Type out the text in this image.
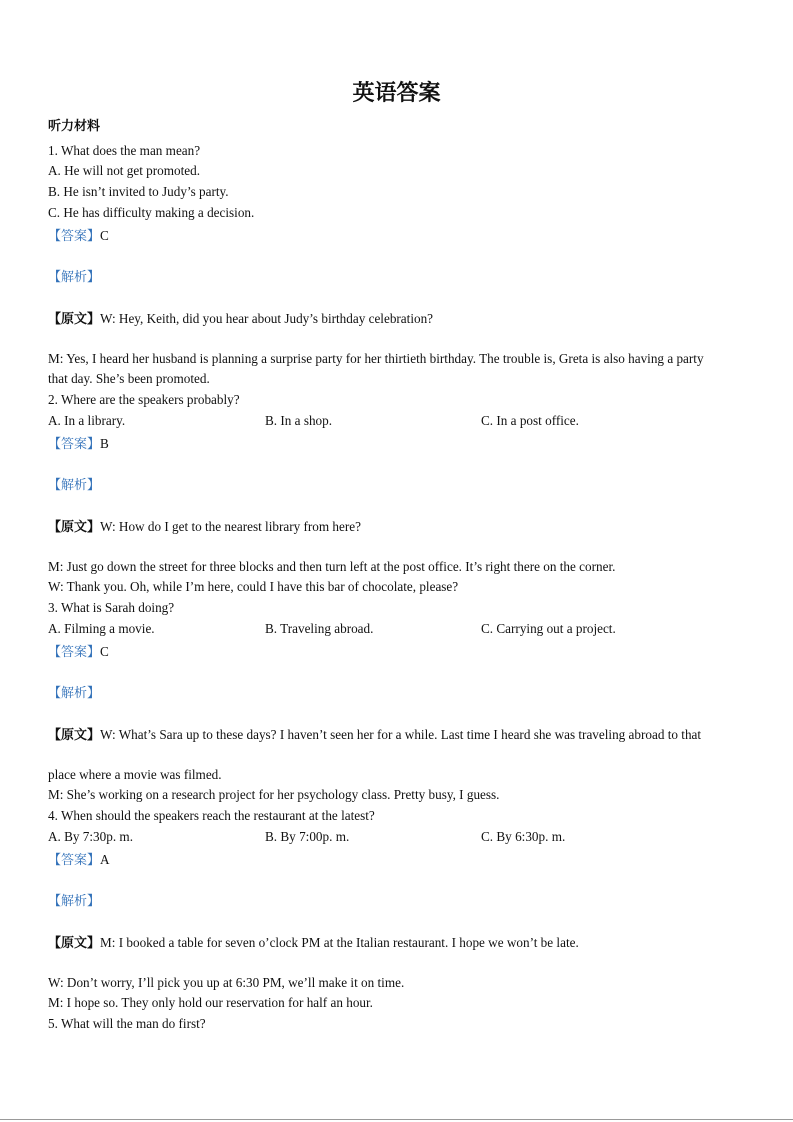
英语答案
听力材料
1. What does the man mean?
A. He will not get promoted.
B. He isn’t invited to Judy’s party.
C. He has difficulty making a decision.
【答案】C
【解析】
【原文】W: Hey, Keith, did you hear about Judy’s birthday celebration?
M: Yes, I heard her husband is planning a surprise party for her thirtieth birthday. The trouble is, Greta is also having a party
that day. She’s been promoted.
2. Where are the speakers probably?
A. In a library.	B. In a shop.	C. In a post office.
【答案】B
【解析】
【原文】W: How do I get to the nearest library from here?
M: Just go down the street for three blocks and then turn left at the post office. It’s right there on the corner.
W: Thank you. Oh, while I’m here, could I have this bar of chocolate, please?
3. What is Sarah doing?
A. Filming a movie.	B. Traveling abroad.	C. Carrying out a project.
【答案】C
【解析】
【原文】W: What’s Sara up to these days? I haven’t seen her for a while. Last time I heard she was traveling abroad to that
place where a movie was filmed.
M: She’s working on a research project for her psychology class. Pretty busy, I guess.
4. When should the speakers reach the restaurant at the latest?
A. By 7:30p. m.	B. By 7:00p. m.	C. By 6:30p. m.
【答案】A
【解析】
【原文】M: I booked a table for seven o’clock PM at the Italian restaurant. I hope we won’t be late.
W: Don’t worry, I’ll pick you up at 6:30 PM, we’ll make it on time.
M: I hope so. They only hold our reservation for half an hour.
5. What will the man do first?
